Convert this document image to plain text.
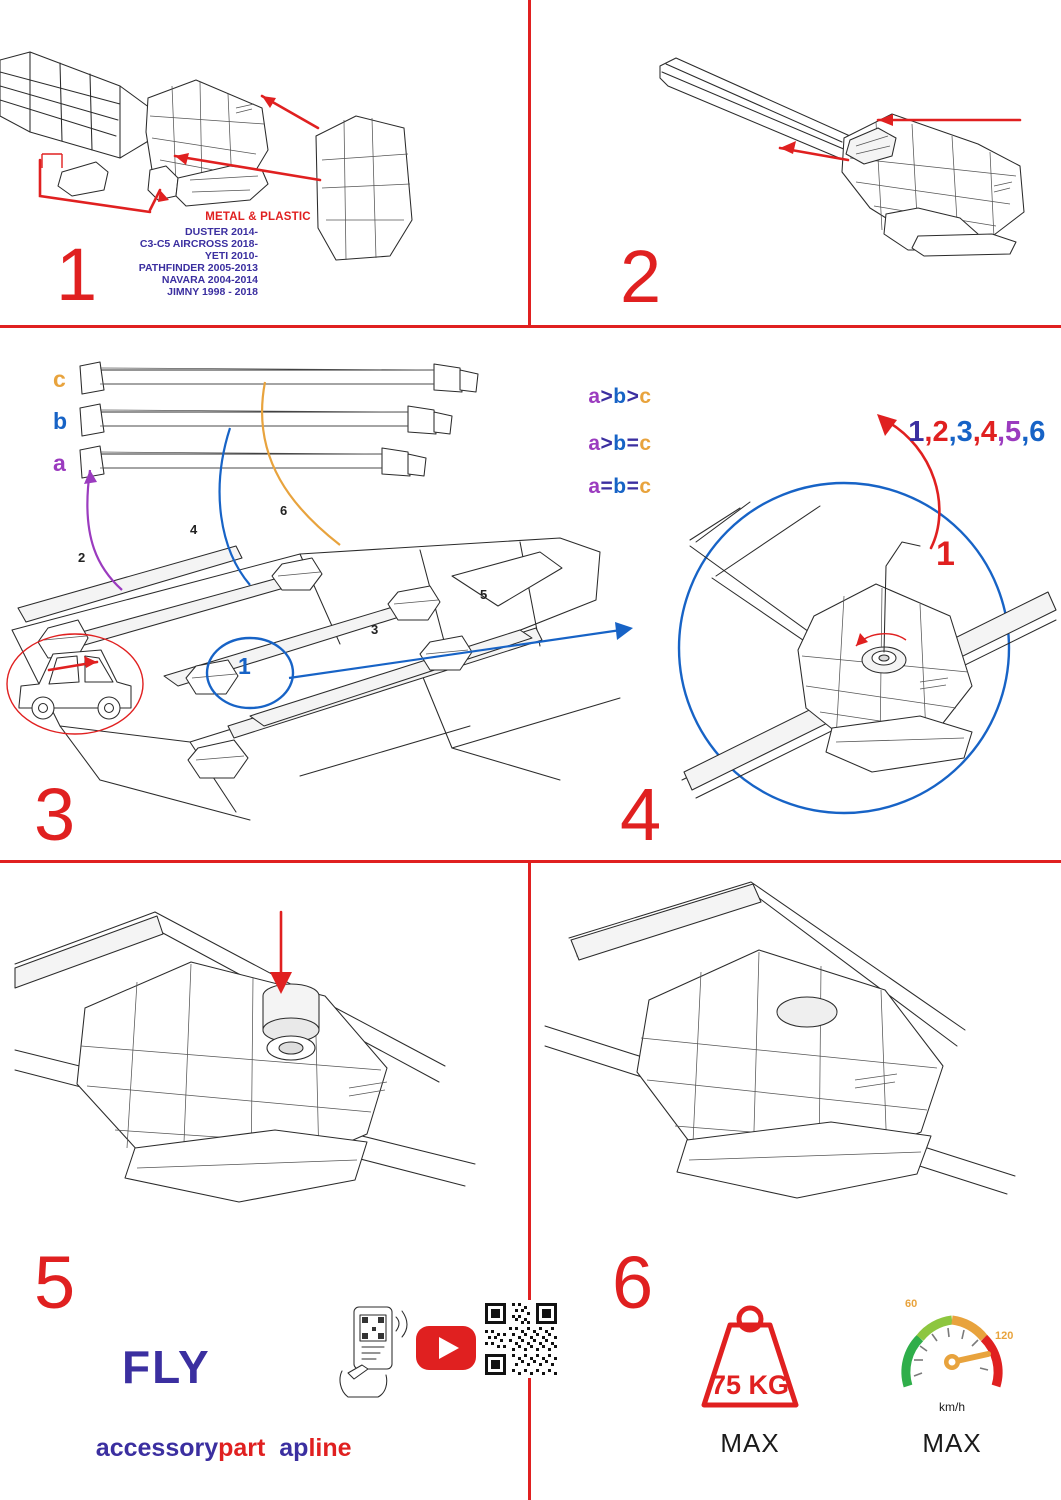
METAL & PLASTIC
DUSTER 2014-
C3-C5 AIRCROSS 2018-
YETI 2010-
PATHFINDER 2005-2013
NAVARA 2004-2014
JIMNY 1998 - 2018
1	2
c
b
a

a>b>c

a>b=c

a=b=c

2
4
6
3
5
1
3

1,2,3,4,5,6

1
4
5	6
FLY

accessorypart apline

75 KG
MAX
60
120
km/h
MAX
